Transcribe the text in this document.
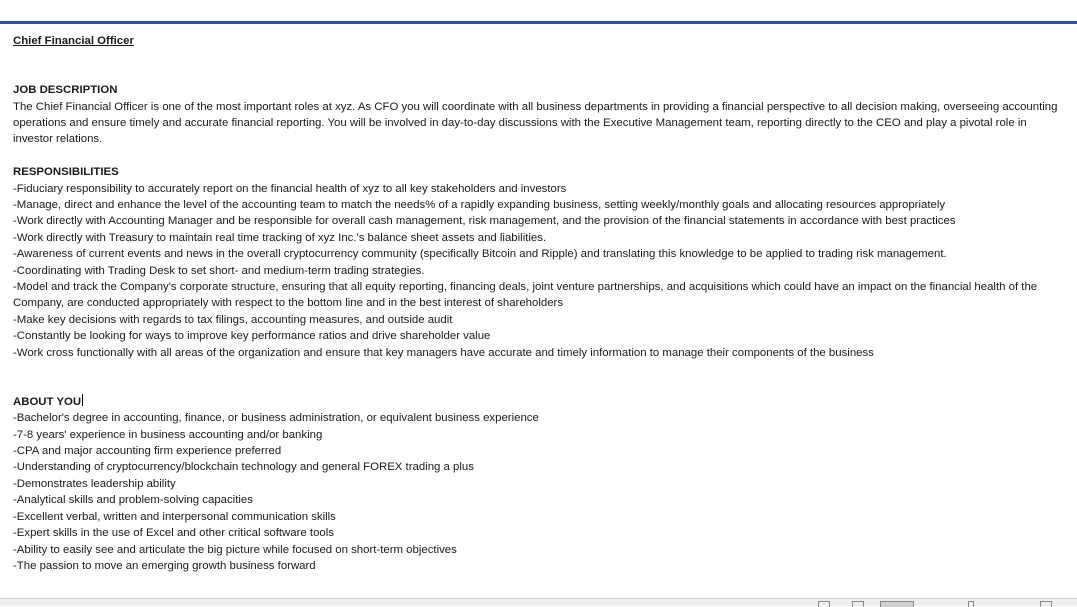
Chief Financial Officer

JOB DESCRIPTION

The Chief Financial Officer is one of the most important roles at xyz. As CFO you will coordinate with all business departments in providing a financial perspective to all decision making, overseeing accounting operations and ensure timely and accurate financial reporting. You will be involved in day-to-day discussions with the Executive Management team, reporting directly to the CEO and play a pivotal role in investor relations.

RESPONSIBILITIES

-Fiduciary responsibility to accurately report on the financial health of xyz to all key stakeholders and investors
-Manage, direct and enhance the level of the accounting team to match the needs% of a rapidly expanding business, setting weekly/monthly goals and allocating resources appropriately
-Work directly with Accounting Manager and be responsible for overall cash management, risk management, and the provision of the financial statements in accordance with best practices
-Work directly with Treasury to maintain real time tracking of xyz Inc.'s balance sheet assets and liabilities.
-Awareness of current events and news in the overall cryptocurrency community (specifically Bitcoin and Ripple) and translating this knowledge to be applied to trading risk management.
-Coordinating with Trading Desk to set short- and medium-term trading strategies.
-Model and track the Company's corporate structure, ensuring that all equity reporting, financing deals, joint venture partnerships, and acquisitions which could have an impact on the financial health of the Company, are conducted appropriately with respect to the bottom line and in the best interest of shareholders
-Make key decisions with regards to tax filings, accounting measures, and outside audit
-Constantly be looking for ways to improve key performance ratios and drive shareholder value
-Work cross functionally with all areas of the organization and ensure that key managers have accurate and timely information to manage their components of the business

ABOUT YOU

-Bachelor's degree in accounting, finance, or business administration, or equivalent business experience
-7-8 years' experience in business accounting and/or banking
-CPA and major accounting firm experience preferred
-Understanding of cryptocurrency/blockchain technology and general FOREX trading a plus
-Demonstrates leadership ability
-Analytical skills and problem-solving capacities
-Excellent verbal, written and interpersonal communication skills
-Expert skills in the use of Excel and other critical software tools
-Ability to easily see and articulate the big picture while focused on short-term objectives
-The passion to move an emerging growth business forward
